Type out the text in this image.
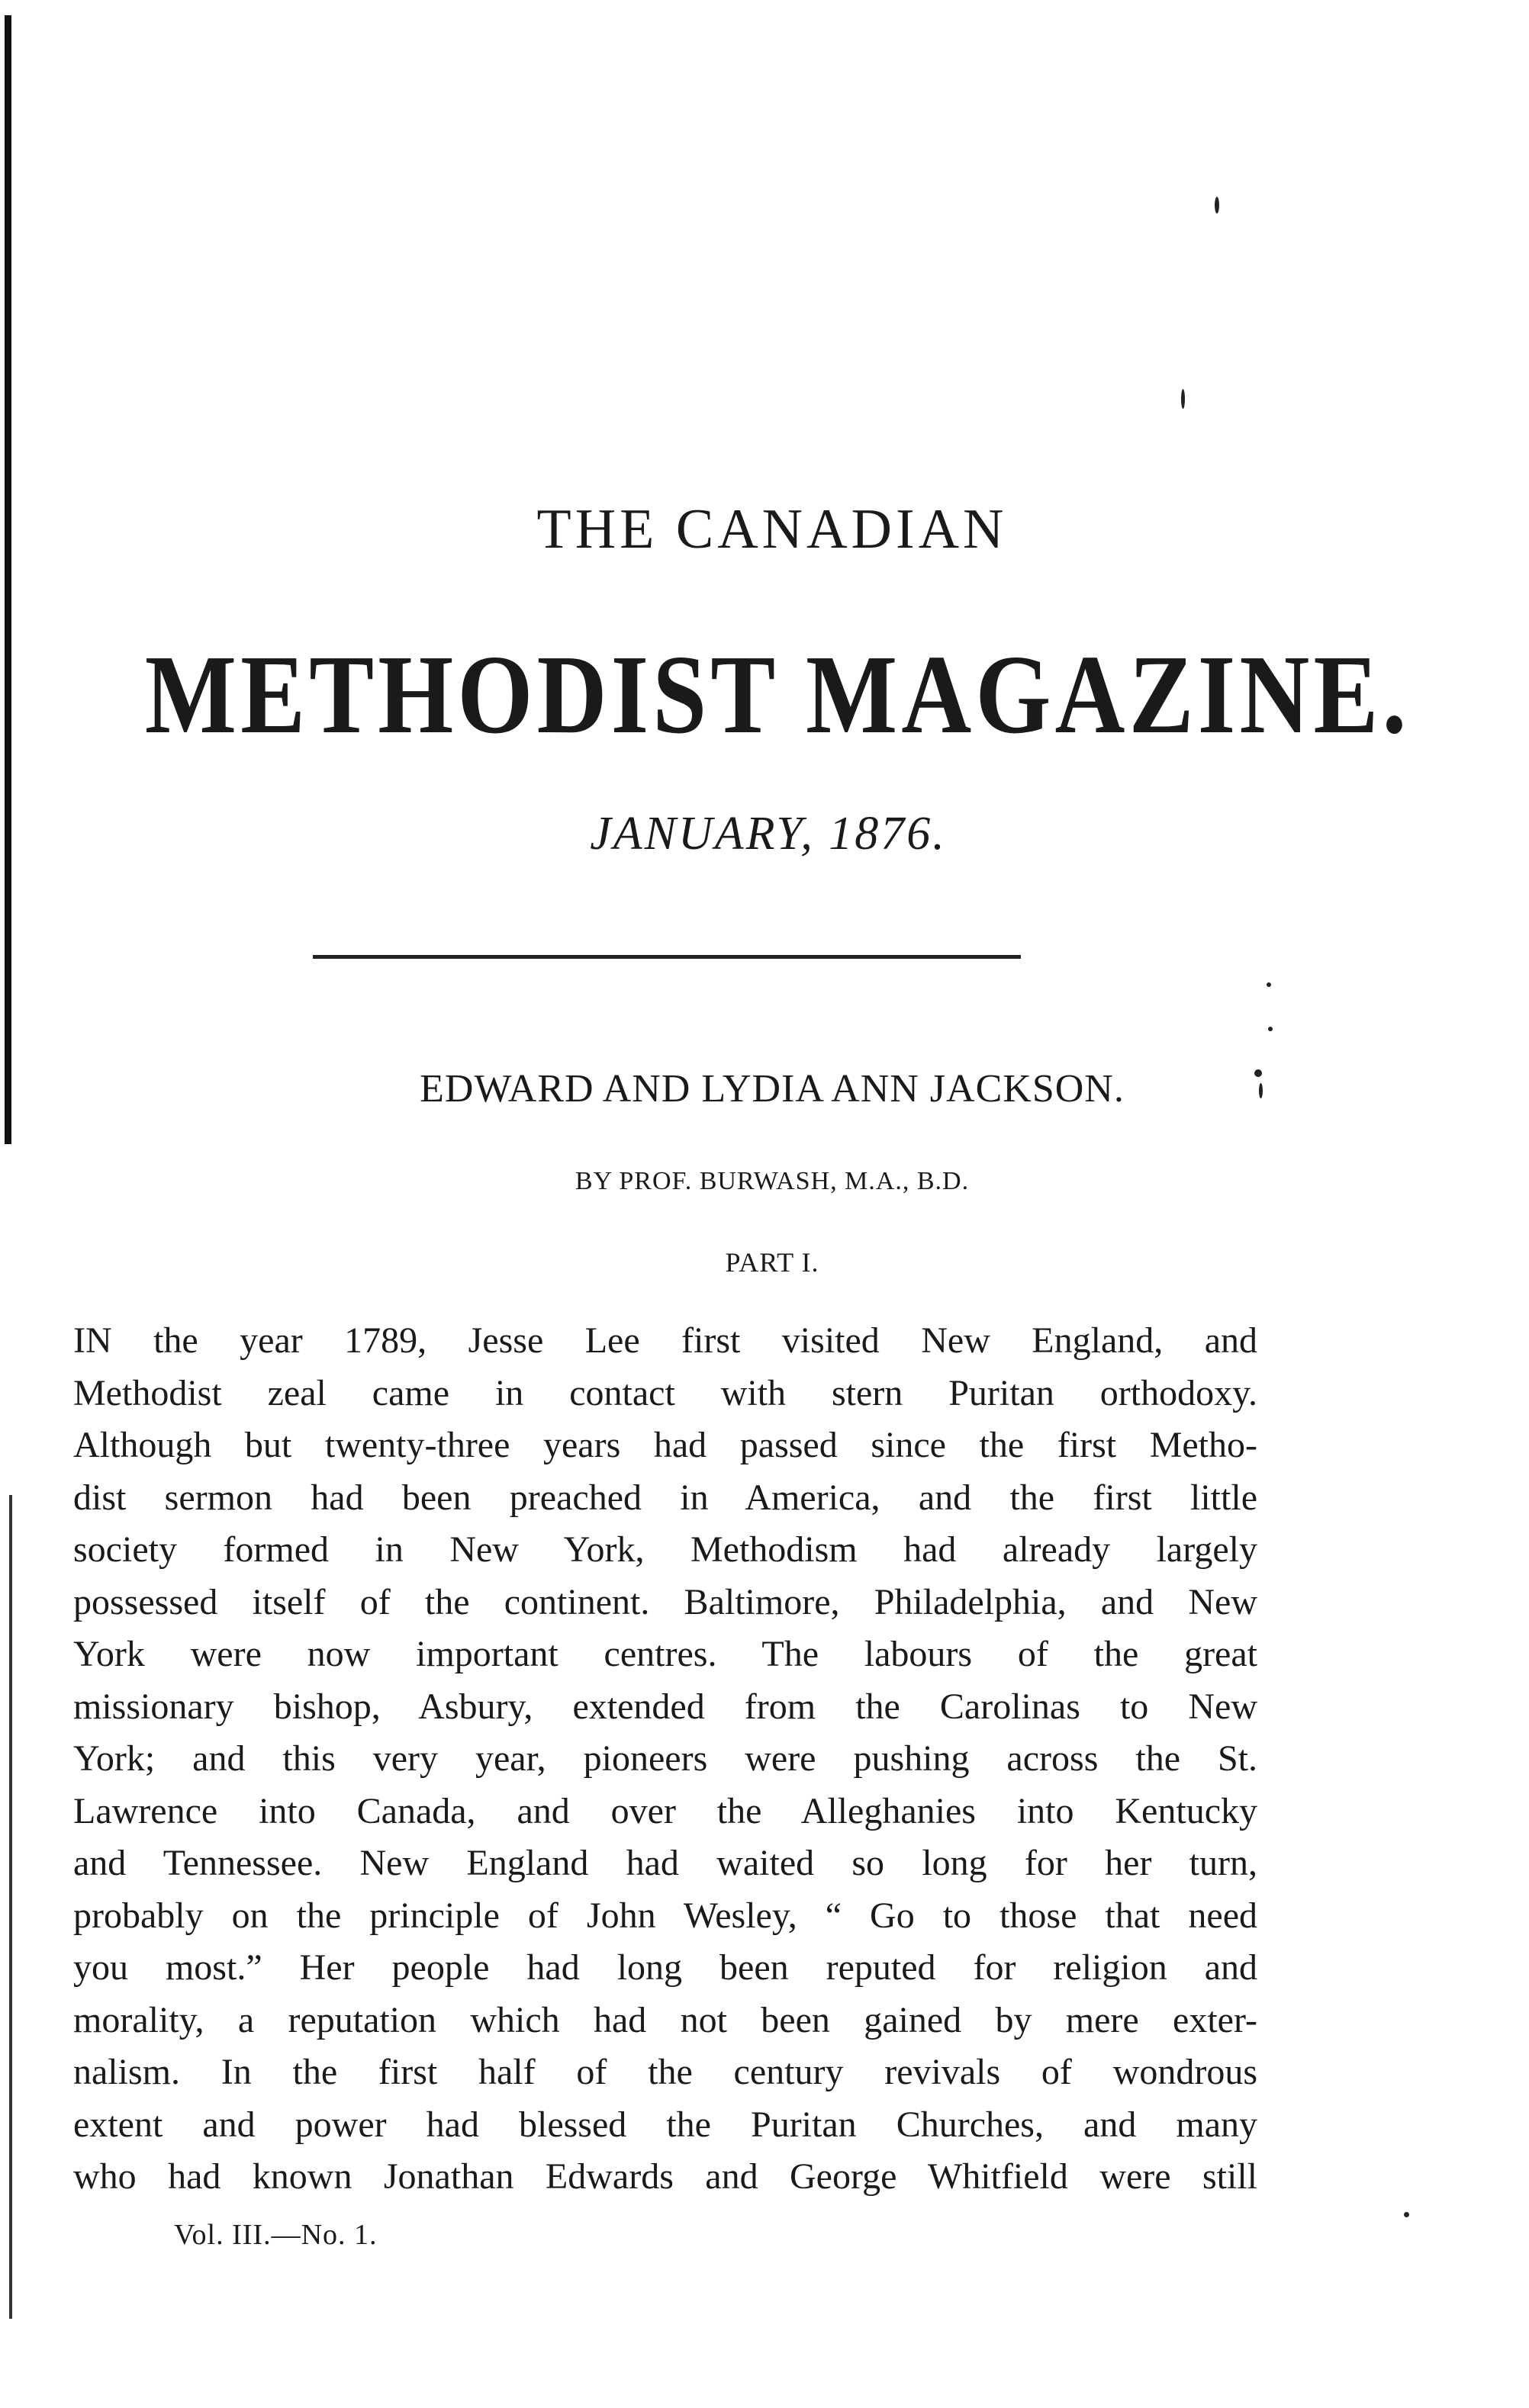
THE CANADIAN
METHODIST MAGAZINE.
JANUARY, 1876.
EDWARD AND LYDIA ANN JACKSON.
BY PROF. BURWASH, M.A., B.D.
PART I.
IN the year 1789, Jesse Lee first visited New England, and
Methodist zeal came in contact with stern Puritan orthodoxy.
Although but twenty-three years had passed since the first Metho-
dist sermon had been preached in America, and the first little
society formed in New York, Methodism had already largely
possessed itself of the continent. Baltimore, Philadelphia, and New
York were now important centres. The labours of the great
missionary bishop, Asbury, extended from the Carolinas to New
York; and this very year, pioneers were pushing across the St.
Lawrence into Canada, and over the Alleghanies into Kentucky
and Tennessee. New England had waited so long for her turn,
probably on the principle of John Wesley, “ Go to those that need
you most.” Her people had long been reputed for religion and
morality, a reputation which had not been gained by mere exter-
nalism. In the first half of the century revivals of wondrous
extent and power had blessed the Puritan Churches, and many
who had known Jonathan Edwards and George Whitfield were still
Vol. III.—No. 1.
